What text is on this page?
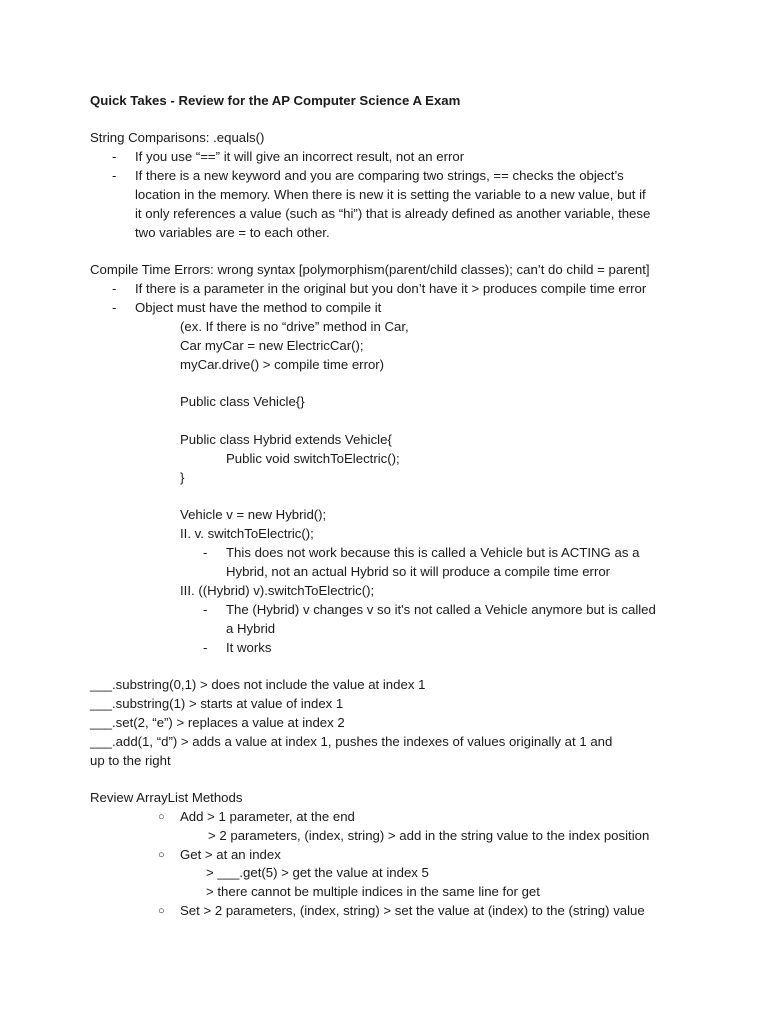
Quick Takes - Review for the AP Computer Science A Exam
String Comparisons: .equals()
- If you use “==” it will give an incorrect result, not an error
- If there is a new keyword and you are comparing two strings, == checks the object’s
location in the memory. When there is new it is setting the variable to a new value, but if
it only references a value (such as “hi”) that is already defined as another variable, these
two variables are = to each other.
Compile Time Errors: wrong syntax [polymorphism(parent/child classes); can’t do child = parent]
- If there is a parameter in the original but you don’t have it > produces compile time error
- Object must have the method to compile it
(ex. If there is no “drive” method in Car,
Car myCar = new ElectricCar();
myCar.drive() > compile time error)
Public class Vehicle{}
Public class Hybrid extends Vehicle{
Public void switchToElectric();
}
Vehicle v = new Hybrid();
II. v. switchToElectric();
- This does not work because this is called a Vehicle but is ACTING as a
Hybrid, not an actual Hybrid so it will produce a compile time error
III. ((Hybrid) v).switchToElectric();
- The (Hybrid) v changes v so it's not called a Vehicle anymore but is called
a Hybrid
- It works
___.substring(0,1) > does not include the value at index 1
___.substring(1) > starts at value of index 1
___.set(2, “e”) > replaces a value at index 2
___.add(1, “d”) > adds a value at index 1, pushes the indexes of values originally at 1 and
up to the right
Review ArrayList Methods
○ Add > 1 parameter, at the end
> 2 parameters, (index, string) > add in the string value to the index position
○ Get > at an index
> ___.get(5) > get the value at index 5
> there cannot be multiple indices in the same line for get
○ Set > 2 parameters, (index, string) > set the value at (index) to the (string) value
